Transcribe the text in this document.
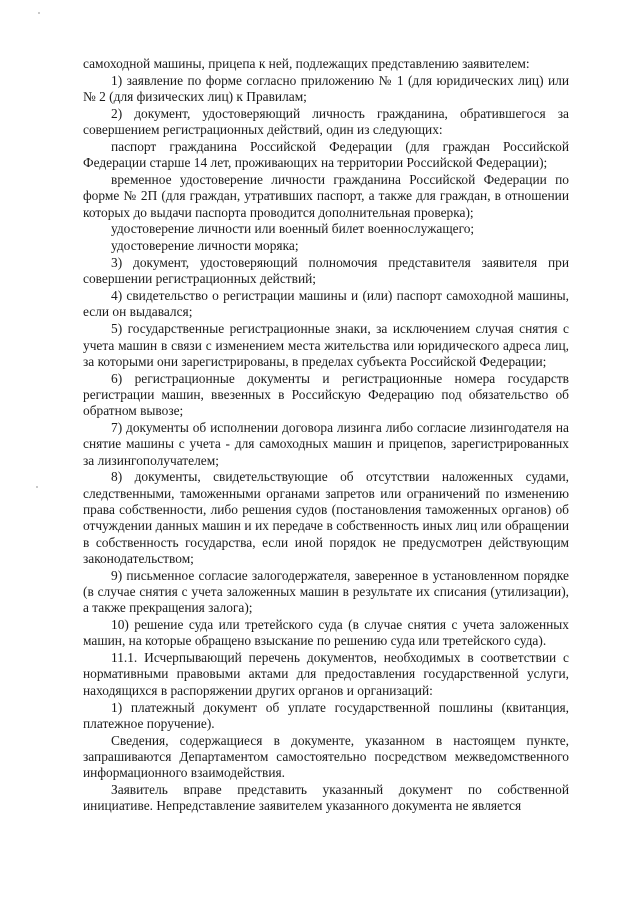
самоходной машины, прицепа к ней, подлежащих представлению заявителем:

1) заявление по форме согласно приложению № 1 (для юридических лиц) или № 2 (для физических лиц) к Правилам;

2) документ, удостоверяющий личность гражданина, обратившегося за совершением регистрационных действий, один из следующих:

паспорт гражданина Российской Федерации (для граждан Российской Федерации старше 14 лет, проживающих на территории Российской Федерации);

временное удостоверение личности гражданина Российской Федерации по форме № 2П (для граждан, утративших паспорт, а также для граждан, в отношении которых до выдачи паспорта проводится дополнительная проверка);

удостоверение личности или военный билет военнослужащего;

удостоверение личности моряка;

3) документ, удостоверяющий полномочия представителя заявителя при совершении регистрационных действий;

4) свидетельство о регистрации машины и (или) паспорт самоходной машины, если он выдавался;

5) государственные регистрационные знаки, за исключением случая снятия с учета машин в связи с изменением места жительства или юридического адреса лиц, за которыми они зарегистрированы, в пределах субъекта Российской Федерации;

6) регистрационные документы и регистрационные номера государств регистрации машин, ввезенных в Российскую Федерацию под обязательство об обратном вывозе;

7) документы об исполнении договора лизинга либо согласие лизингодателя на снятие машины с учета - для самоходных машин и прицепов, зарегистрированных за лизингополучателем;

8) документы, свидетельствующие об отсутствии наложенных судами, следственными, таможенными органами запретов или ограничений по изменению права собственности, либо решения судов (постановления таможенных органов) об отчуждении данных машин и их передаче в собственность иных лиц или обращении в собственность государства, если иной порядок не предусмотрен действующим законодательством;

9) письменное согласие залогодержателя, заверенное в установленном порядке (в случае снятия с учета заложенных машин в результате их списания (утилизации), а также прекращения залога);

10) решение суда или третейского суда (в случае снятия с учета заложенных машин, на которые обращено взыскание по решению суда или третейского суда).

11.1. Исчерпывающий перечень документов, необходимых в соответствии с нормативными правовыми актами для предоставления государственной услуги, находящихся в распоряжении других органов и организаций:

1) платежный документ об уплате государственной пошлины (квитанция, платежное поручение).

Сведения, содержащиеся в документе, указанном в настоящем пункте, запрашиваются Департаментом самостоятельно посредством межведомственного информационного взаимодействия.

Заявитель вправе представить указанный документ по собственной инициативе. Непредставление заявителем указанного документа не является
